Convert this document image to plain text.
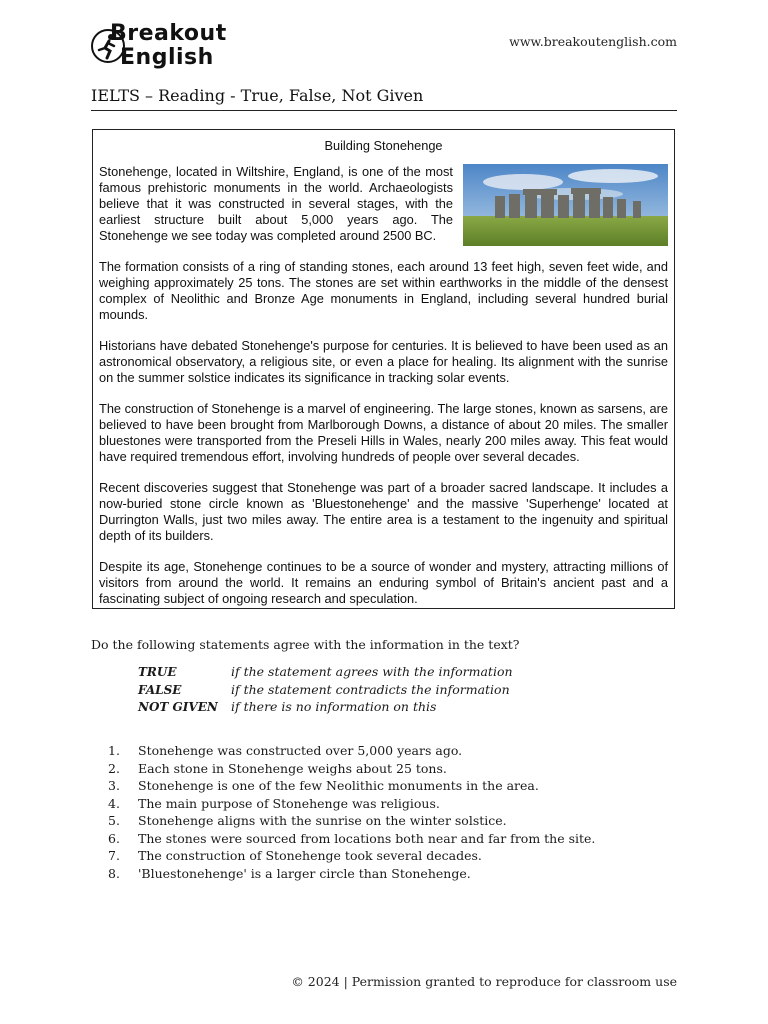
Breakout
English
www.breakoutenglish.com
IELTS – Reading - True, False, Not Given
Building Stonehenge

Stonehenge, located in Wiltshire, England, is one of the most famous prehistoric monuments in the world. Archaeologists believe that it was constructed in several stages, with the earliest structure built about 5,000 years ago. The Stonehenge we see today was completed around 2500 BC.

The formation consists of a ring of standing stones, each around 13 feet high, seven feet wide, and weighing approximately 25 tons. The stones are set within earthworks in the middle of the densest complex of Neolithic and Bronze Age monuments in England, including several hundred burial mounds.

Historians have debated Stonehenge's purpose for centuries. It is believed to have been used as an astronomical observatory, a religious site, or even a place for healing. Its alignment with the sunrise on the summer solstice indicates its significance in tracking solar events.

The construction of Stonehenge is a marvel of engineering. The large stones, known as sarsens, are believed to have been brought from Marlborough Downs, a distance of about 20 miles. The smaller bluestones were transported from the Preseli Hills in Wales, nearly 200 miles away. This feat would have required tremendous effort, involving hundreds of people over several decades.

Recent discoveries suggest that Stonehenge was part of a broader sacred landscape. It includes a now-buried stone circle known as 'Bluestonehenge' and the massive 'Superhenge' located at Durrington Walls, just two miles away. The entire area is a testament to the ingenuity and spiritual depth of its builders.

Despite its age, Stonehenge continues to be a source of wonder and mystery, attracting millions of visitors from around the world. It remains an enduring symbol of Britain's ancient past and a fascinating subject of ongoing research and speculation.

Do the following statements agree with the information in the text?
TRUE	if the statement agrees with the information
FALSE	if the statement contradicts the information
NOT GIVEN if there is no information on this
1. Stonehenge was constructed over 5,000 years ago.
2. Each stone in Stonehenge weighs about 25 tons.
3. Stonehenge is one of the few Neolithic monuments in the area.
4. The main purpose of Stonehenge was religious.
5. Stonehenge aligns with the sunrise on the winter solstice.
6. The stones were sourced from locations both near and far from the site.
7. The construction of Stonehenge took several decades.
8. 'Bluestonehenge' is a larger circle than Stonehenge.
© 2024 | Permission granted to reproduce for classroom use
